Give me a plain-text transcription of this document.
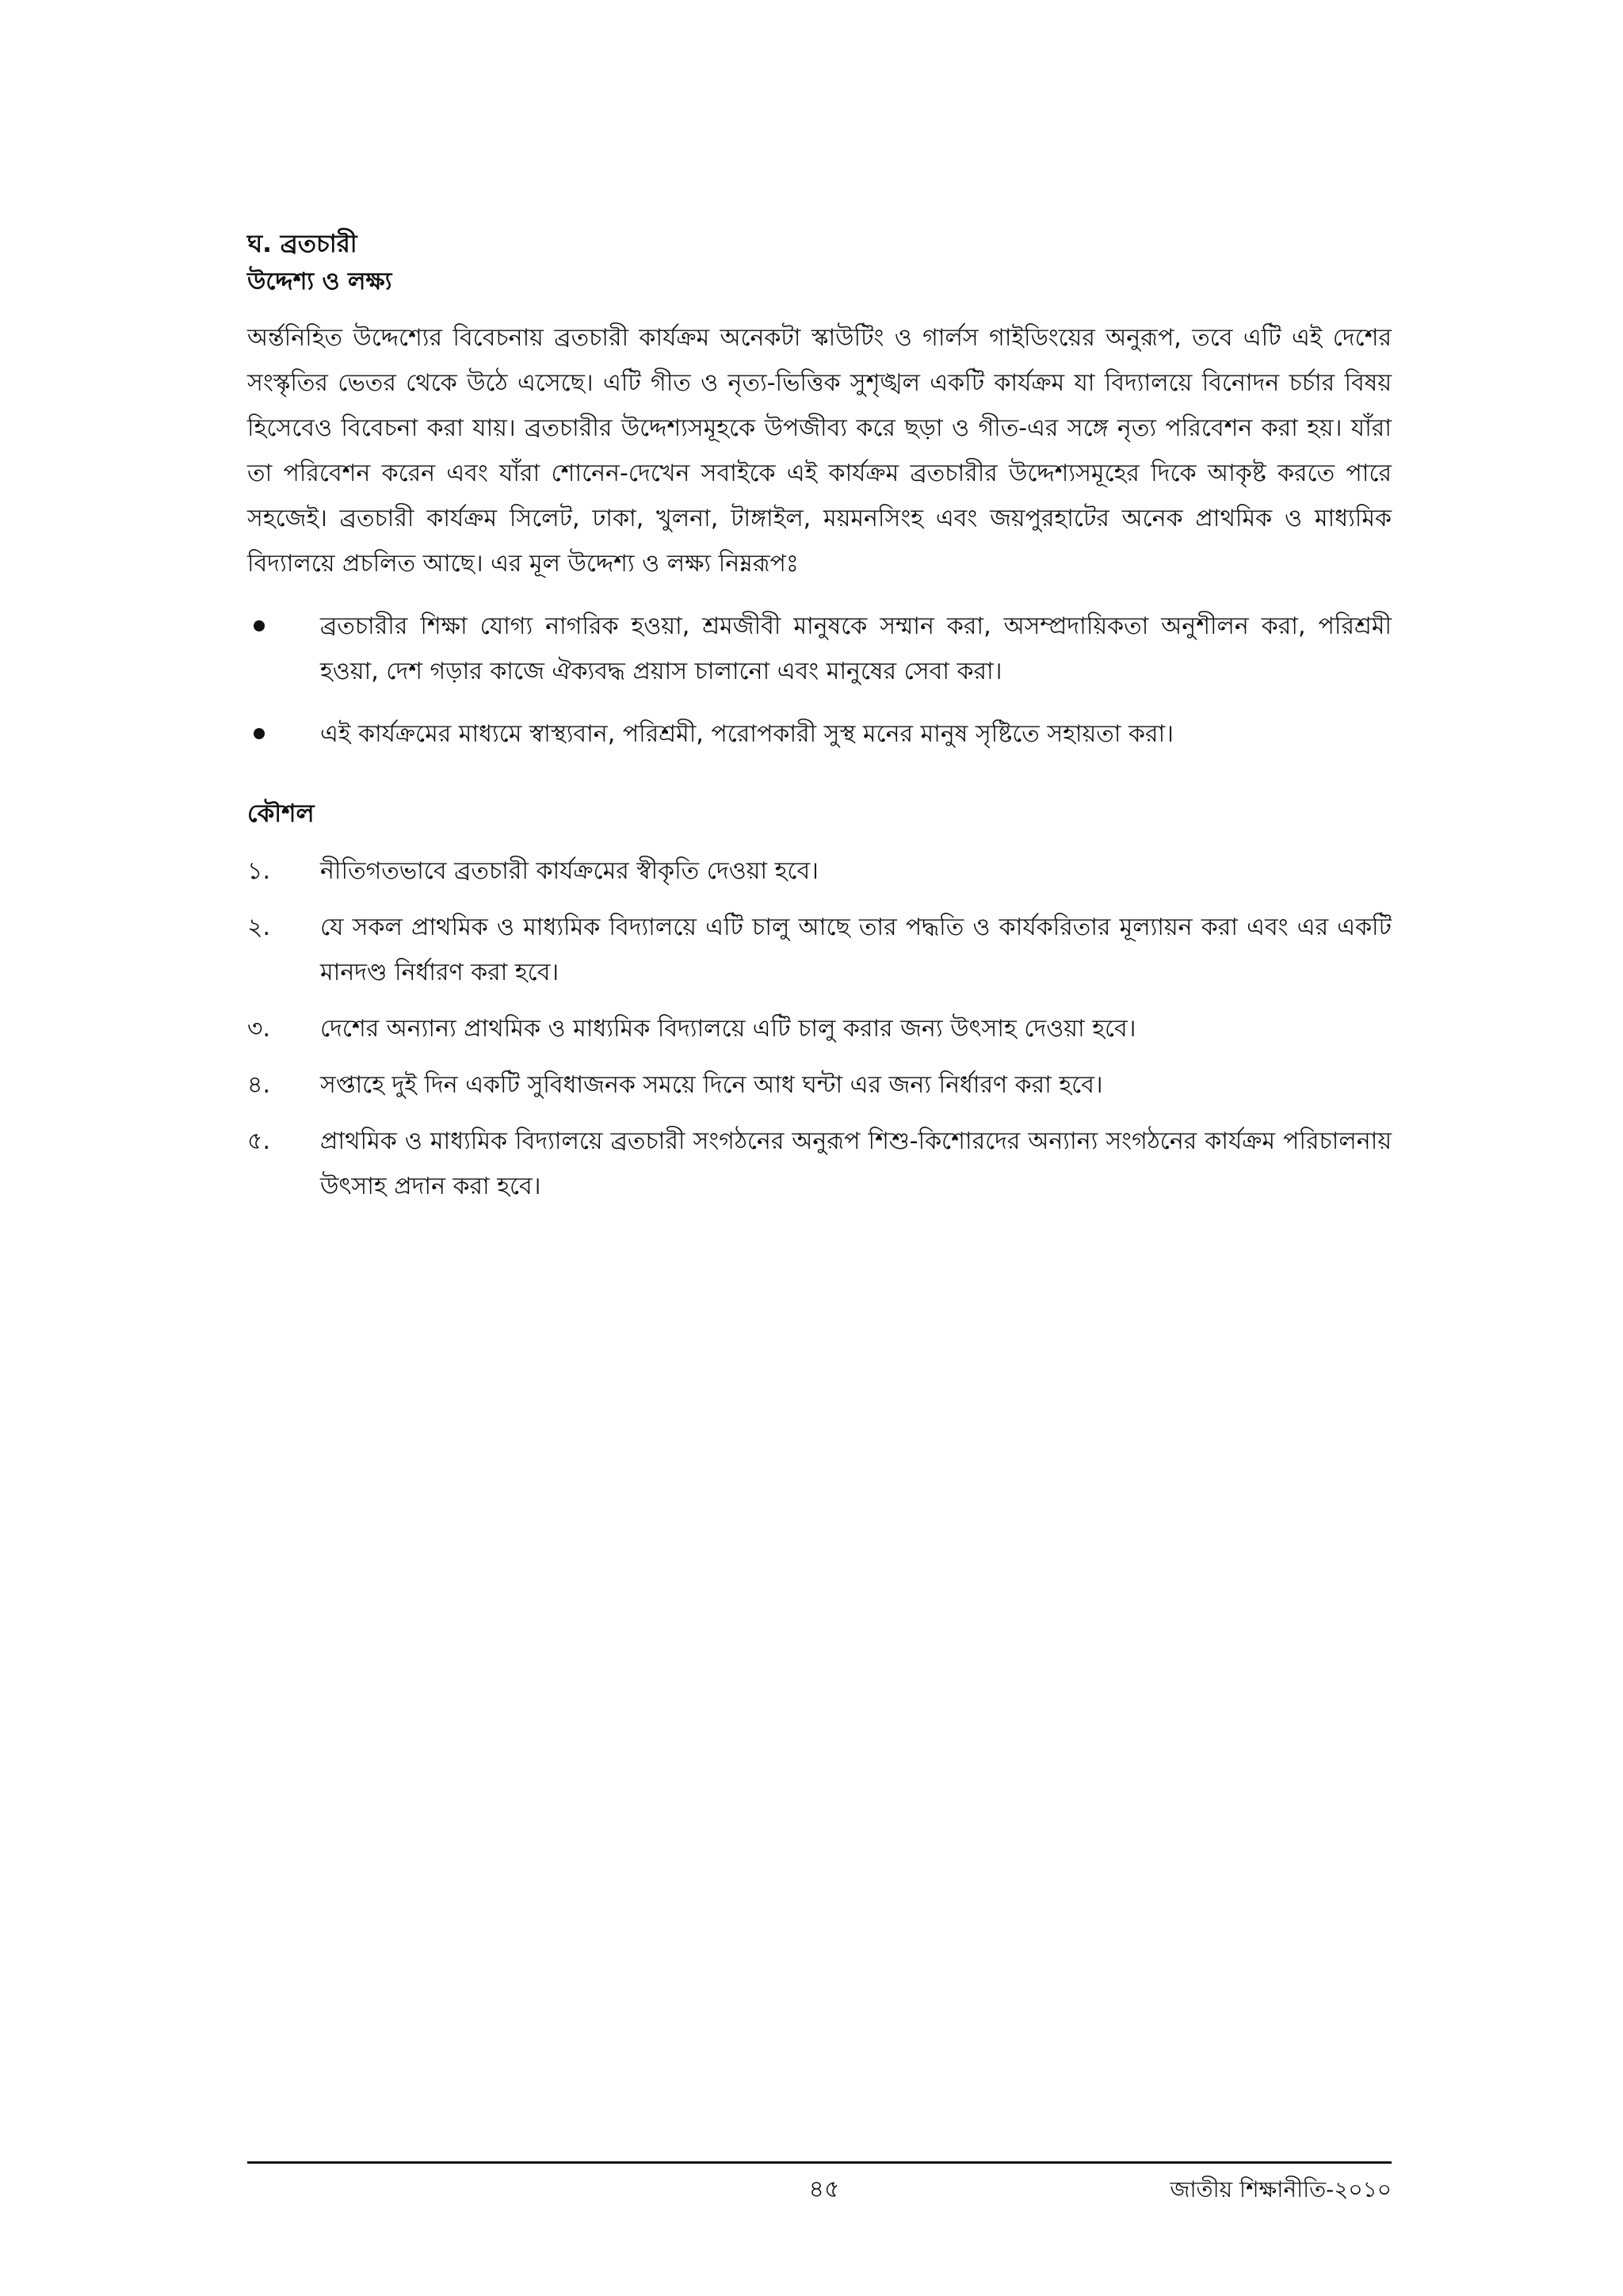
ঘ. ব্রতচারী
উদ্দেশ্য ও লক্ষ্য

অর্ন্তনিহিত উদ্দেশ্যের বিবেচনায় ব্রতচারী কার্যক্রম অনেকটা স্কাউটিং ও গার্লস গাইডিংয়ের অনুরূপ, তবে এটি এই দেশের সংস্কৃতির ভেতর থেকে উঠে এসেছে। এটি গীত ও নৃত্য-ভিত্তিক সুশৃঙ্খল একটি কার্যক্রম যা বিদ্যালয়ে বিনোদন চর্চার বিষয় হিসেবেও বিবেচনা করা যায়। ব্রতচারীর উদ্দেশ্যসমূহকে উপজীব্য করে ছড়া ও গীত-এর সঙ্গে নৃত্য পরিবেশন করা হয়। যাঁরা তা পরিবেশন করেন এবং যাঁরা শোনেন-দেখেন সবাইকে এই কার্যক্রম ব্রতচারীর উদ্দেশ্যসমূহের দিকে আকৃষ্ট করতে পারে সহজেই। ব্রতচারী কার্যক্রম সিলেট, ঢাকা, খুলনা, টাঙ্গাইল, ময়মনসিংহ এবং জয়পুরহাটের অনেক প্রাথমিক ও মাধ্যমিক বিদ্যালয়ে প্রচলিত আছে। এর মূল উদ্দেশ্য ও লক্ষ্য নিম্নরূপঃ

ব্রতচারীর শিক্ষা যোগ্য নাগরিক হওয়া, শ্রমজীবী মানুষকে সম্মান করা, অসম্প্রদায়িকতা অনুশীলন করা, পরিশ্রমী হওয়া, দেশ গড়ার কাজে ঐক্যবদ্ধ প্রয়াস চালানো এবং মানুষের সেবা করা।
এই কার্যক্রমের মাধ্যমে স্বাস্থ্যবান, পরিশ্রমী, পরোপকারী সুস্থ মনের মানুষ সৃষ্টিতে সহায়তা করা।
কৌশল
১.	নীতিগতভাবে ব্রতচারী কার্যক্রমের স্বীকৃতি দেওয়া হবে।
২.	যে সকল প্রাথমিক ও মাধ্যমিক বিদ্যালয়ে এটি চালু আছে তার পদ্ধতি ও কার্যকরিতার মূল্যায়ন করা এবং এর একটি মানদণ্ড নির্ধারণ করা হবে।
৩.	দেশের অন্যান্য প্রাথমিক ও মাধ্যমিক বিদ্যালয়ে এটি চালু করার জন্য উৎসাহ দেওয়া হবে।
৪.	সপ্তাহে দুই দিন একটি সুবিধাজনক সময়ে দিনে আধ ঘন্টা এর জন্য নির্ধারণ করা হবে।
৫.	প্রাথমিক ও মাধ্যমিক বিদ্যালয়ে ব্রতচারী সংগঠনের অনুরূপ শিশু-কিশোরদের অন্যান্য সংগঠনের কার্যক্রম পরিচালনায় উৎসাহ প্রদান করা হবে।
৪৫	জাতীয় শিক্ষানীতি-২০১০
